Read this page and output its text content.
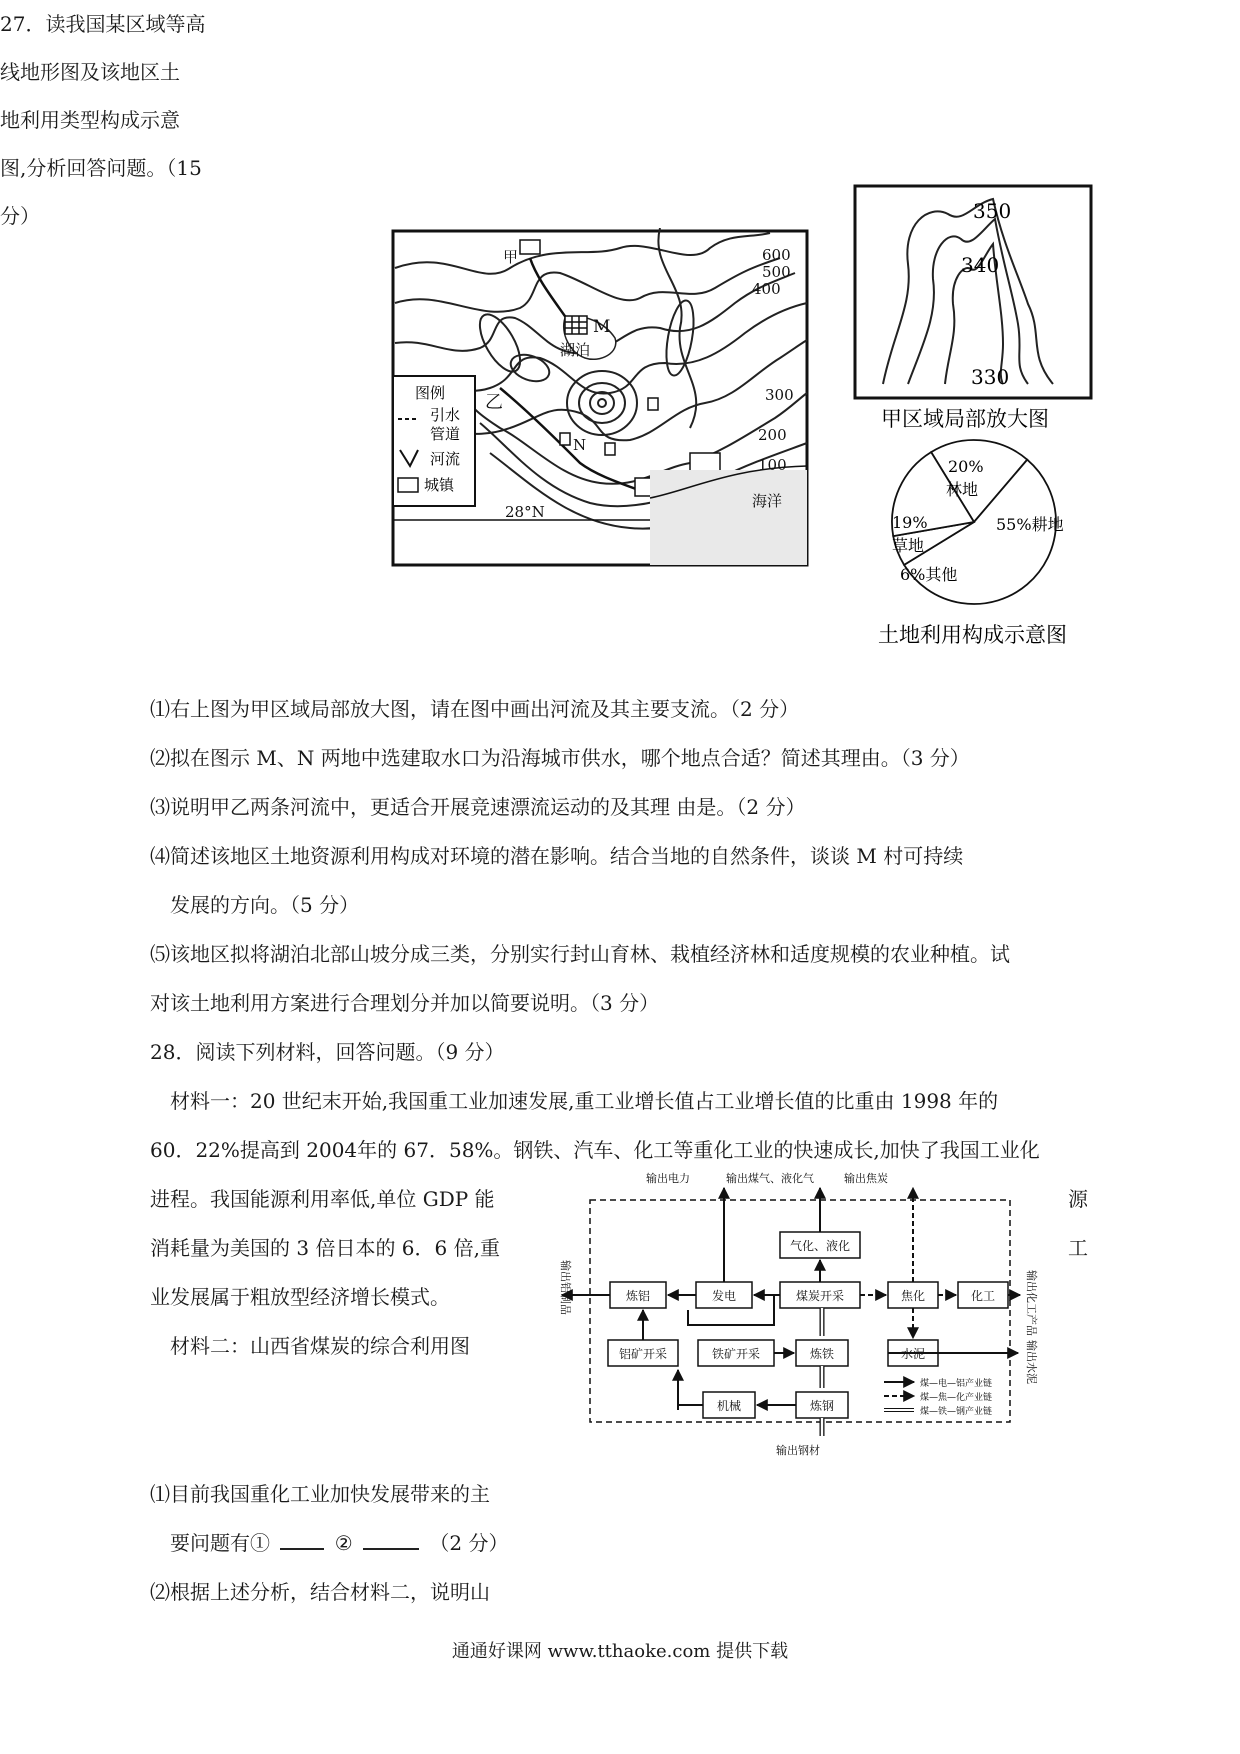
27．读我国某区域等高
线地形图及该地区土
地利用类型构成示意
图,分析回答问题。（15
分）
甲
乙
M
N
湖泊
28°N
海洋
600
500
400
300
200
100
图例
引水
管道
河流
城镇
350
340
330
甲区域局部放大图
55%耕地
20%
林地
19%
草地
6%其他
土地利用构成示意图
⑴右上图为甲区域局部放大图，请在图中画出河流及其主要支流。（2 分）
⑵拟在图示 M、N 两地中选建取水口为沿海城市供水，哪个地点合适？简述其理由。（3 分）
⑶说明甲乙两条河流中，更适合开展竞速漂流运动的及其理 由是。（2 分）
⑷简述该地区土地资源利用构成对环境的潜在影响。结合当地的自然条件，谈谈 M 村可持续
发展的方向。（5 分）
⑸该地区拟将湖泊北部山坡分成三类，分别实行封山育林、栽植经济林和适度规模的农业种植。试
对该土地利用方案进行合理划分并加以简要说明。（3 分）
28．阅读下列材料，回答问题。（9 分）
材料一：20 世纪末开始,我国重工业加速发展,重工业增长值占工业增长值的比重由 1998 年的
60．22%提高到 2004年的 67．58%。钢铁、汽车、化工等重化工业的快速成长,加快了我国工业化
进程。我国能源利用率低,单位 GDP 能	源
消耗量为美国的 3 倍日本的 6．6 倍,重	工
业发展属于粗放型经济增长模式。
材料二：山西省煤炭的综合利用图
气化、液化
炼铝	发电	煤炭开采	焦化	化工
铝矿开采	铁矿开采	炼铁	水泥
机械	炼钢
输出电力	输出煤气、液化气	输出焦炭
输出钢材
输出铝制品	输出化工产品
输出水泥
煤—电—铝产业链
煤—焦—化产业链
煤—铁—钢产业链
⑴目前我国重化工业加快发展带来的主
要问题有①	②	（2 分）
⑵根据上述分析，结合材料二，说明山
通通好课网 www.tthaoke.com 提供下载
